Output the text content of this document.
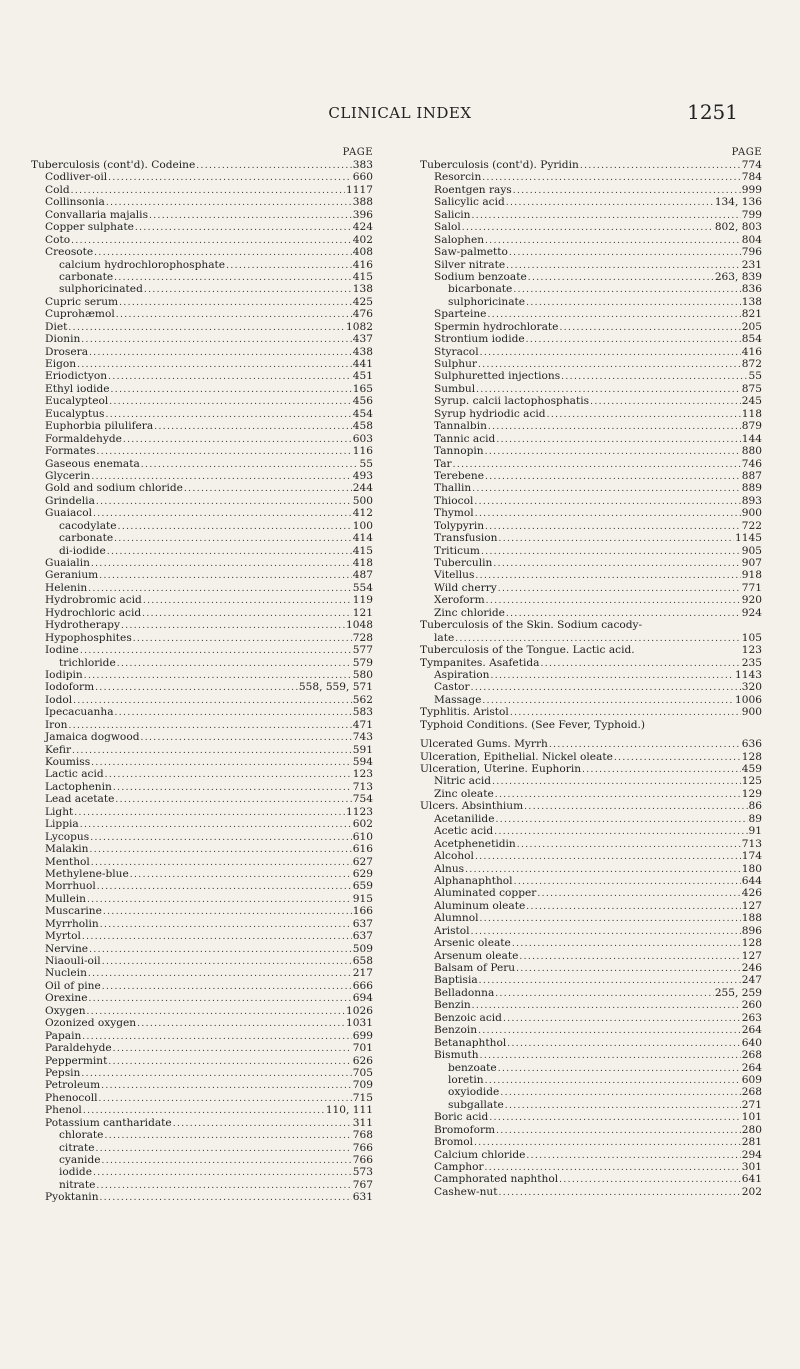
CLINICAL INDEX	1251
PAGE
Tuberculosis (cont'd). Codeine .....	383
Codliver-oil .....	660
Cold .....	1117
Collinsonia .....	388
Convallaria majalis .....	396
Copper sulphate .....	424
Coto .....	402
Creosote .....	408
calcium hydrochlorophosphate .....	416
carbonate .....	415
sulphoricinated .....	138
Cupric serum .....	425
Cuprohæmol .....	476
Diet .....	1082
Dionin .....	437
Drosera .....	438
Eigon .....	441
Eriodictyon .....	451
Ethyl iodide .....	165
Eucalypteol .....	456
Eucalyptus .....	454
Euphorbia pilulifera .....	458
Formaldehyde .....	603
Formates .....	116
Gaseous enemata .....	55
Glycerin .....	493
Gold and sodium chloride .....	244
Grindelia .....	500
Guaiacol .....	412
cacodylate .....	100
carbonate .....	414
di-iodide .....	415
Guaialin .....	418
Geranium .....	487
Helenin .....	554
Hydrobromic acid .....	119
Hydrochloric acid .....	121
Hydrotherapy .....	1048
Hypophosphites .....	728
Iodine .....	577
trichloride .....	579
Iodipin .....	580
Iodoform .....	558, 559, 571
Iodol .....	562
Ipecacuanha .....	583
Iron .....	471
Jamaica dogwood .....	743
Kefir .....	591
Koumiss .....	594
Lactic acid .....	123
Lactophenin .....	713
Lead acetate .....	754
Light .....	1123
Lippia .....	602
Lycopus .....	610
Malakin .....	616
Menthol .....	627
Methylene-blue .....	629
Morrhuol .....	659
Mullein .....	915
Muscarine .....	166
Myrrholin .....	637
Myrtol .....	637
Nervine .....	509
Niaouli-oil .....	658
Nuclein .....	217
Oil of pine .....	666
Orexine .....	694
Oxygen .....	1026
Ozonized oxygen .....	1031
Papain .....	699
Paraldehyde .....	701
Peppermint .....	626
Pepsin .....	705
Petroleum .....	709
Phenocoll .....	715
Phenol .....	110, 111
Potassium cantharidate .....	311
chlorate .....	768
citrate .....	766
cyanide .....	766
iodide .....	573
nitrate .....	767
Pyoktanin .....	631
PAGE
Tuberculosis (cont'd). Pyridin .....	774
Resorcin .....	784
Roentgen rays .....	999
Salicylic acid .....	134, 136
Salicin .....	799
Salol .....	802, 803
Salophen .....	804
Saw-palmetto .....	796
Silver nitrate .....	231
Sodium benzoate .....	263, 839
bicarbonate .....	836
sulphoricinate .....	138
Sparteine .....	821
Spermin hydrochlorate .....	205
Strontium iodide .....	854
Styracol .....	416
Sulphur .....	872
Sulphuretted injections .....	55
Sumbul .....	875
Syrup. calcii lactophosphatis .....	245
Syrup hydriodic acid .....	118
Tannalbin .....	879
Tannic acid .....	144
Tannopin .....	880
Tar .....	746
Terebene .....	887
Thallin .....	889
Thiocol .....	893
Thymol .....	900
Tolypyrin .....	722
Transfusion .....	1145
Triticum .....	905
Tuberculin .....	907
Vitellus .....	918
Wild cherry .....	771
Xeroform .....	920
Zinc chloride .....	924
Tuberculosis of the Skin. Sodium cacody-
late .....	105
Tuberculosis of the Tongue. Lactic acid.	123
Tympanites. Asafetida .....	235
Aspiration .....	1143
Castor .....	320
Massage .....	1006
Typhlitis. Aristol .....	900
Typhoid Conditions. (See Fever, Typhoid.)
Ulcerated Gums. Myrrh .....	636
Ulceration, Epithelial. Nickel oleate .....	128
Ulceration, Uterine. Euphorin .....	459
Nitric acid .....	125
Zinc oleate .....	129
Ulcers. Absinthium .....	86
Acetanilide .....	89
Acetic acid .....	91
Acetphenetidin .....	713
Alcohol .....	174
Alnus .....	180
Alphanaphthol .....	644
Aluminated copper .....	426
Aluminum oleate .....	127
Alumnol .....	188
Aristol .....	896
Arsenic oleate .....	128
Arsenum oleate .....	127
Balsam of Peru .....	246
Baptisia .....	247
Belladonna .....	255, 259
Benzin .....	260
Benzoic acid .....	263
Benzoin .....	264
Betanaphthol .....	640
Bismuth .....	268
benzoate .....	264
loretin .....	609
oxyiodide .....	268
subgallate .....	271
Boric acid .....	101
Bromoform .....	280
Bromol .....	281
Calcium chloride .....	294
Camphor .....	301
Camphorated naphthol .....	641
Cashew-nut .....	202
